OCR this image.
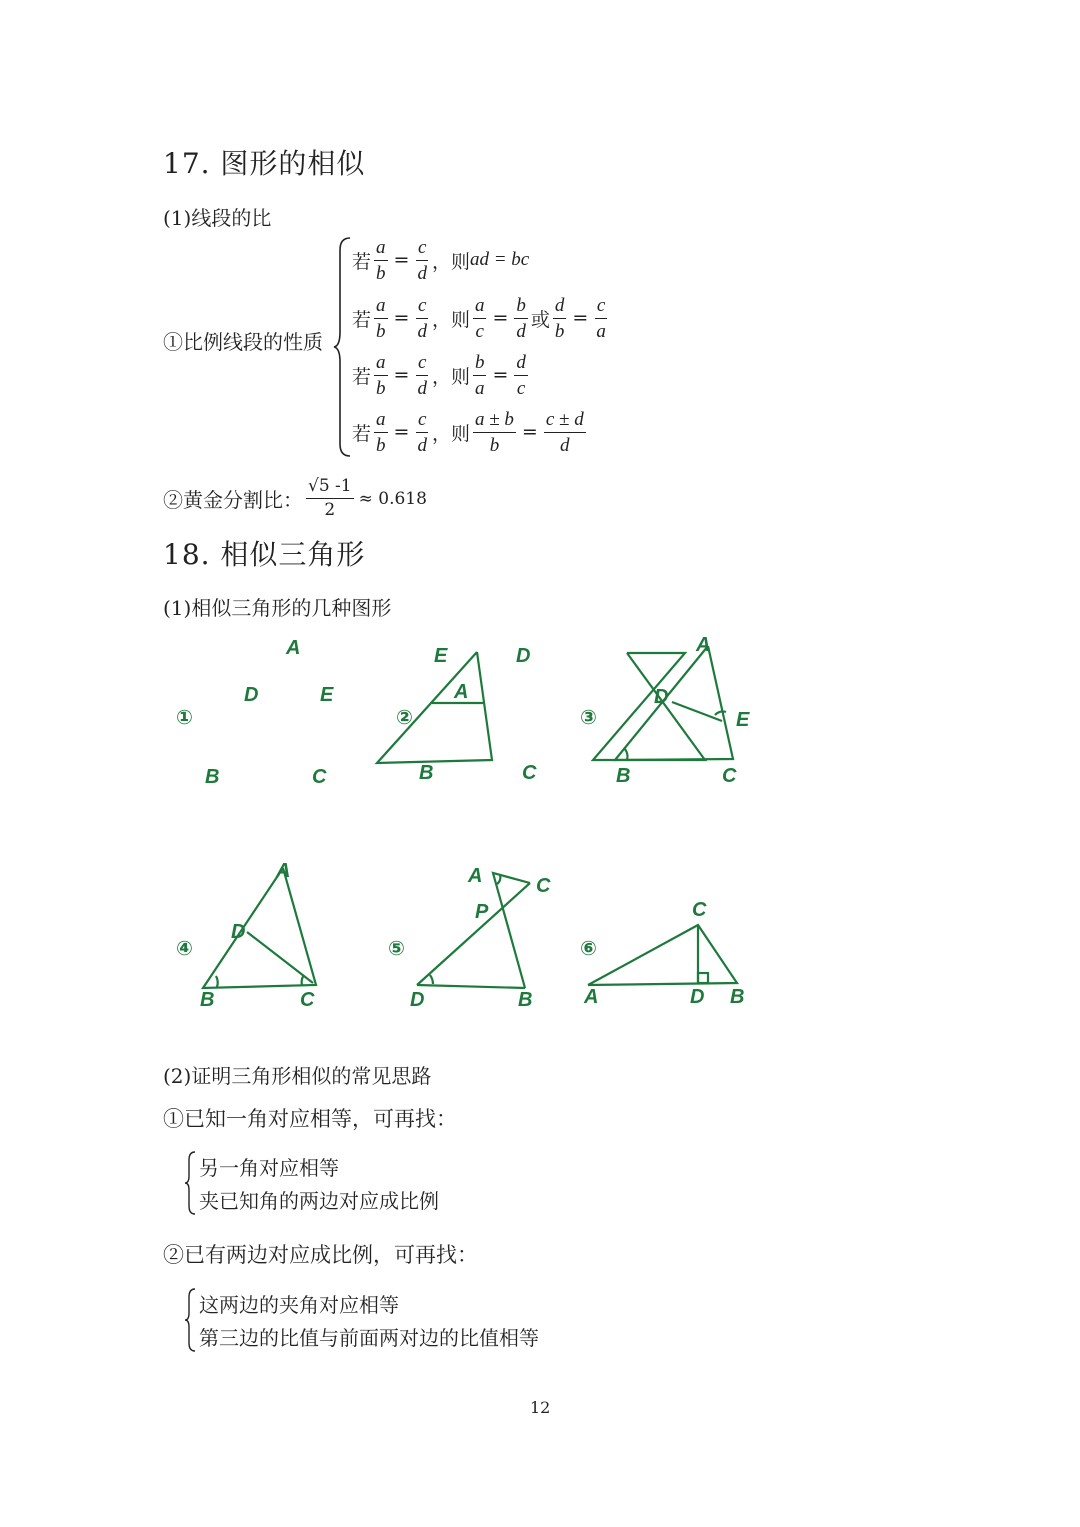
17. 图形的相似
(1)线段的比
①比例线段的性质
若 $\frac{a}{b} = \frac{c}{d}$ ， 则 ad = bc
若 $\frac{a}{b} = \frac{c}{d}$ ， 则 $\frac{a}{c} = \frac{b}{d}$ 或 $\frac{d}{b} = \frac{c}{a}$
若 $\frac{a}{b} = \frac{c}{d}$ ， 则 $\frac{b}{a} = \frac{d}{c}$
若 $\frac{a}{b} = \frac{c}{d}$ ， 则 $\frac{a \pm b}{b} = \frac{c \pm d}{d}$
②黄金分割比： $\frac{√5 -1}{2} \approx 0.618$
18. 相似三角形
(1)相似三角形的几种图形
①	②	③
④	⑤	⑥
A
D	E
B	C
E	D
A
B	C
A
D
E
B	C
A
D
B	C
A	C
P
D	B
C
A	D B
(2)证明三角形相似的常见思路
①已知一角对应相等，可再找：
另一角对应相等
夹已知角的两边对应成比例
②已有两边对应成比例，可再找：
这两边的夹角对应相等
第三边的比值与前面两对边的比值相等
12
